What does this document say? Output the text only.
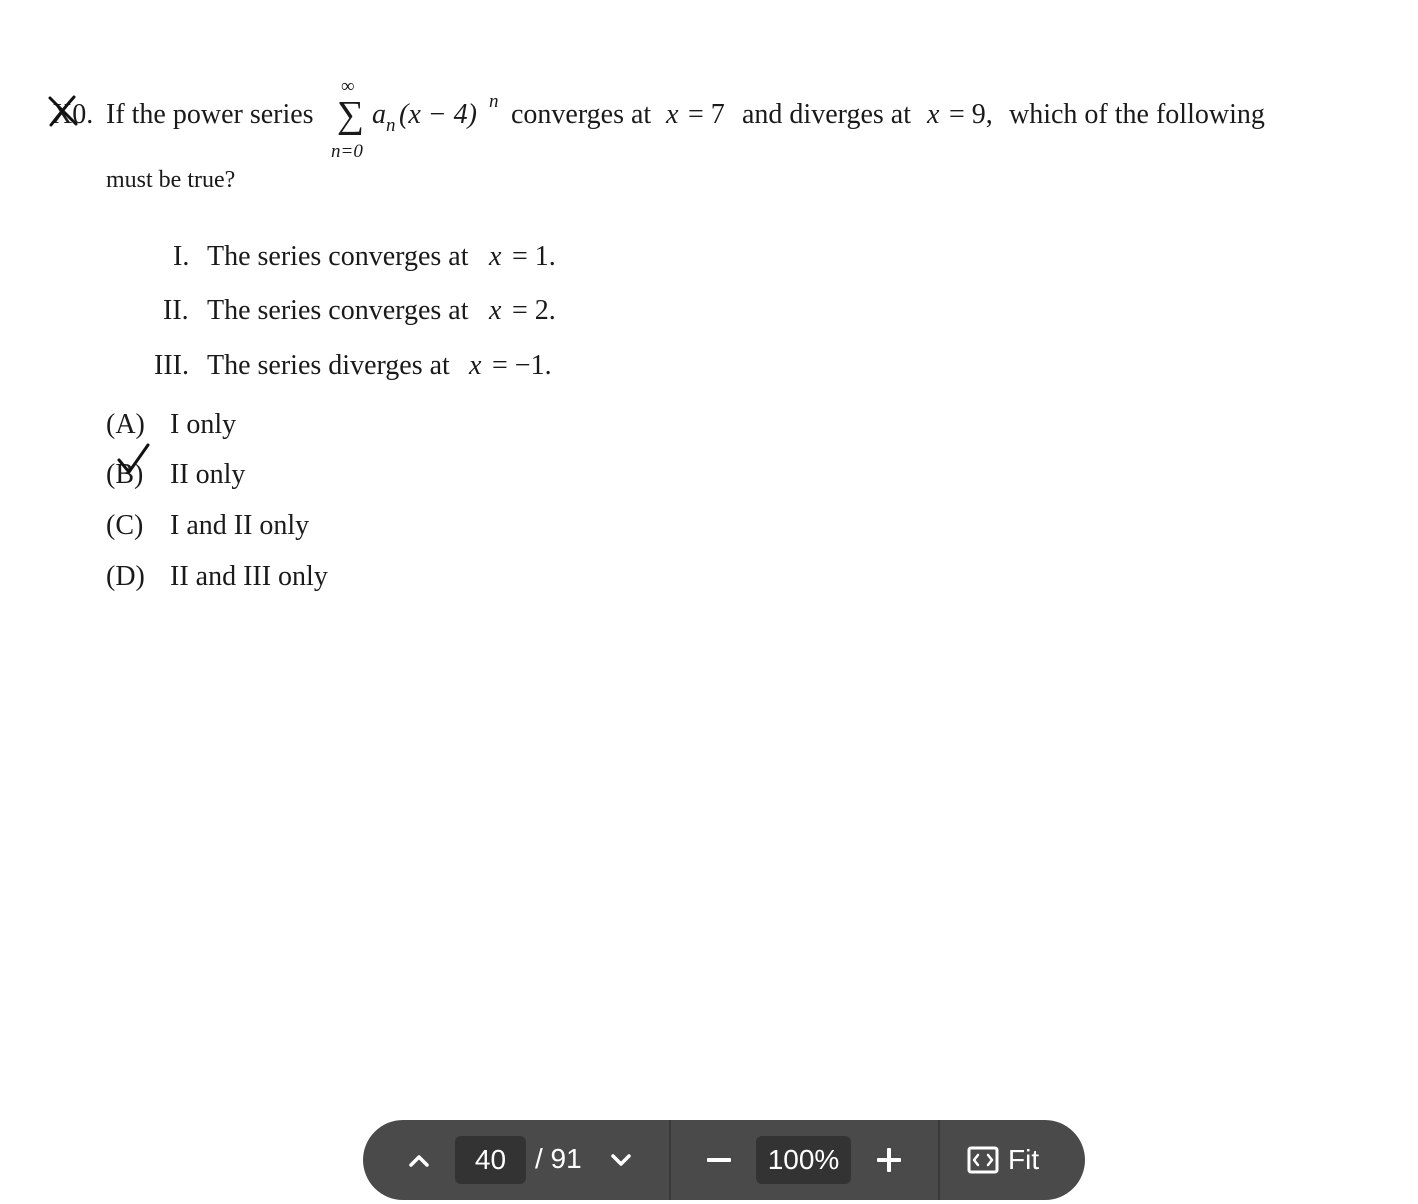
X0. If the power series
∞
∑
n=0
a n (x − 4) n converges at x = 7 and diverges at x = 9, which of the following
must be true?
I. The series converges at x = 1.
II. The series converges at x = 2.
III. The series diverges at x = −1.
(A) I only
(B) II only
(C) I and II only
(D) II and III only
40	/ 91	100%	Fit
